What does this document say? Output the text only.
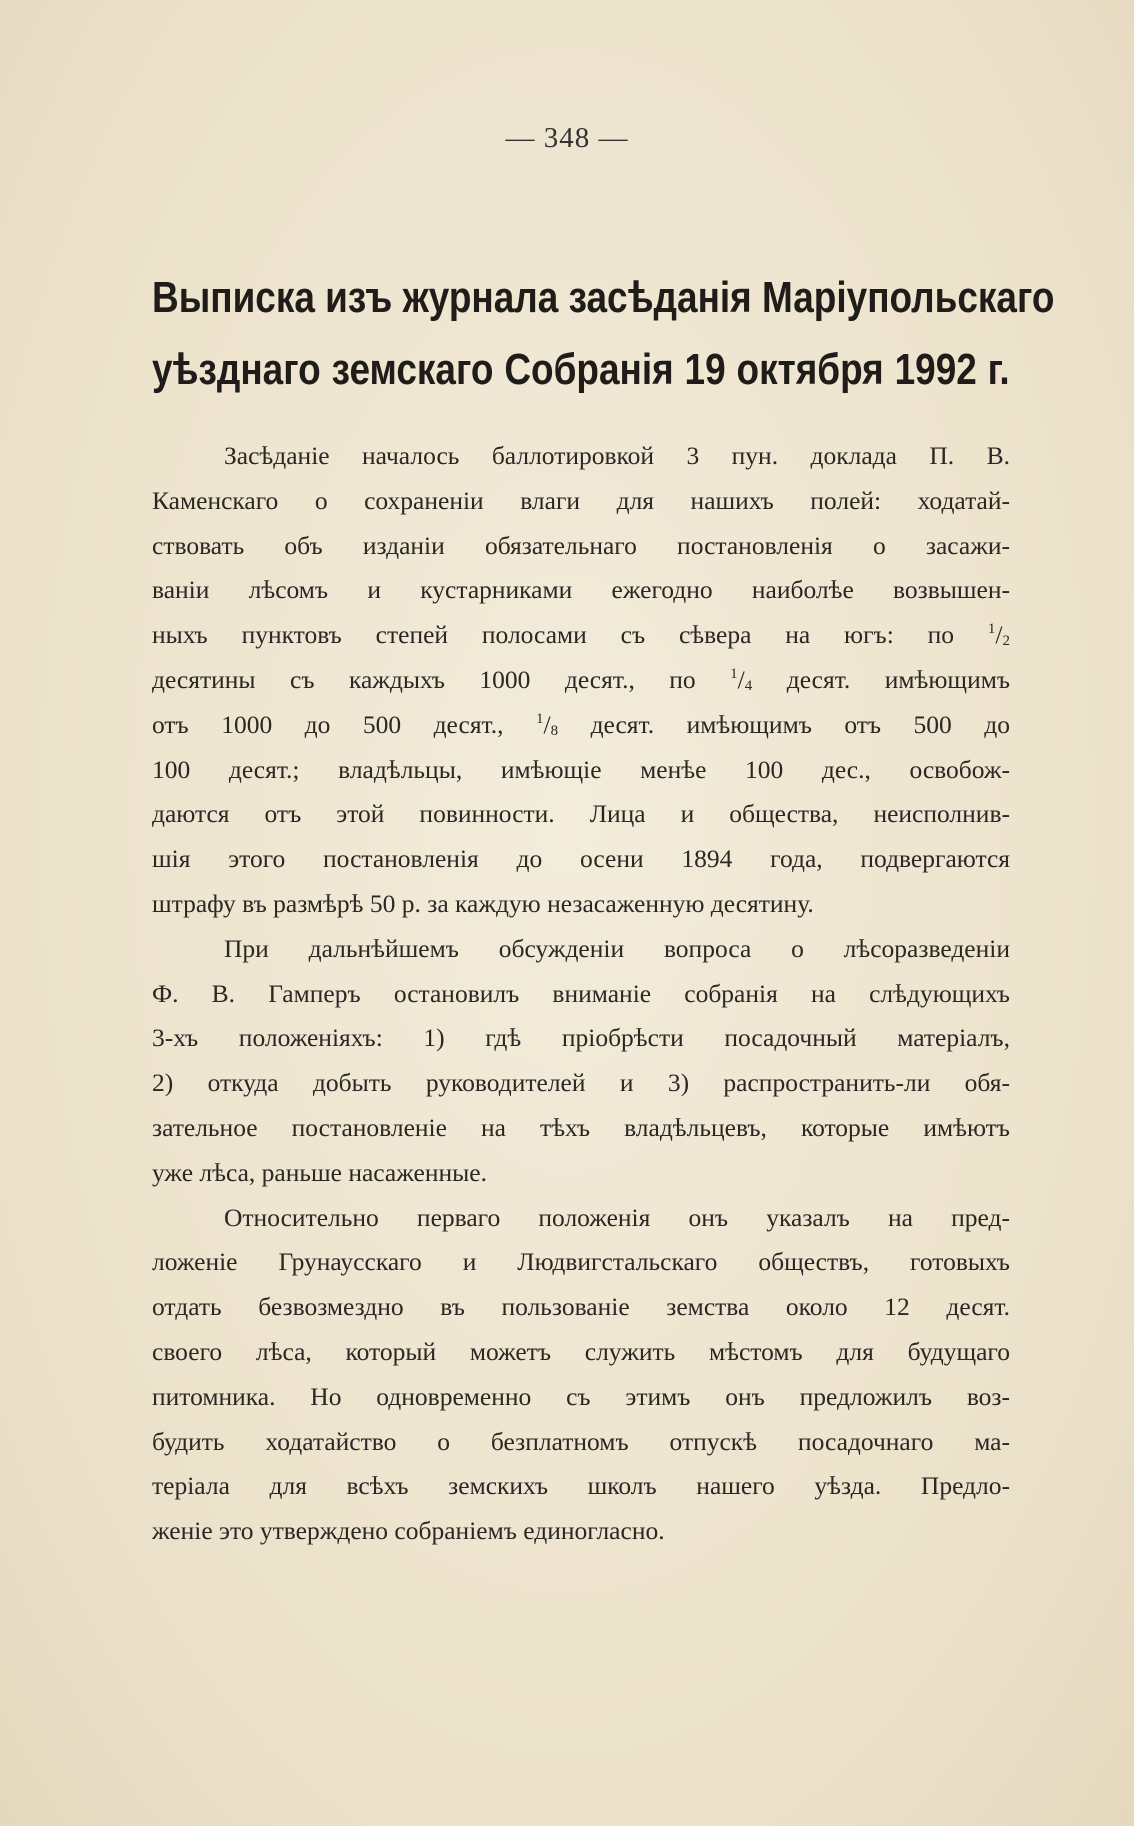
— 348 —
Выписка изъ журнала засѣданія Маріупольскаго
уѣзднаго земскаго Собранія 19 октября 1992 г.
Засѣданіе началось баллотировкой 3 пун. доклада П. В.
Каменскаго о сохраненіи влаги для нашихъ полей: ходатай-
ствовать объ изданіи обязательнаго постановленія о засажи-
ваніи лѣсомъ и кустарниками ежегодно наиболѣе возвышен-
ныхъ пунктовъ степей полосами съ сѣвера на югъ: по $^1/_2$
десятины съ каждыхъ 1000 десят., по $^1/_4$ десят. имѣющимъ
отъ 1000 до 500 десят., $^1/_8$ десят. имѣющимъ отъ 500 до
100 десят.; владѣльцы, имѣющіе менѣе 100 дес., освобож-
даются отъ этой повинности. Лица и общества, неисполнив-
шія этого постановленія до осени 1894 года, подвергаются
штрафу въ размѣрѣ 50 р. за каждую незасаженную десятину.
При дальнѣйшемъ обсужденіи вопроса о лѣсоразведеніи
Ф. В. Гамперъ остановилъ вниманіе собранія на слѣдующихъ
3-хъ положеніяхъ: 1) гдѣ пріобрѣсти посадочный матеріалъ,
2) откуда добыть руководителей и 3) распространить-ли обя-
зательное постановленіе на тѣхъ владѣльцевъ, которые имѣютъ
уже лѣса, раньше насаженные.
Относительно перваго положенія онъ указалъ на пред-
ложеніе Грунаусскаго и Людвигстальскаго обществъ, готовыхъ
отдать безвозмездно въ пользованіе земства около 12 десят.
своего лѣса, который можетъ служить мѣстомъ для будущаго
питомника. Но одновременно съ этимъ онъ предложилъ воз-
будить ходатайство о безплатномъ отпускѣ посадочнаго ма-
теріала для всѣхъ земскихъ школъ нашего уѣзда. Предло-
женіе это утверждено собраніемъ единогласно.
